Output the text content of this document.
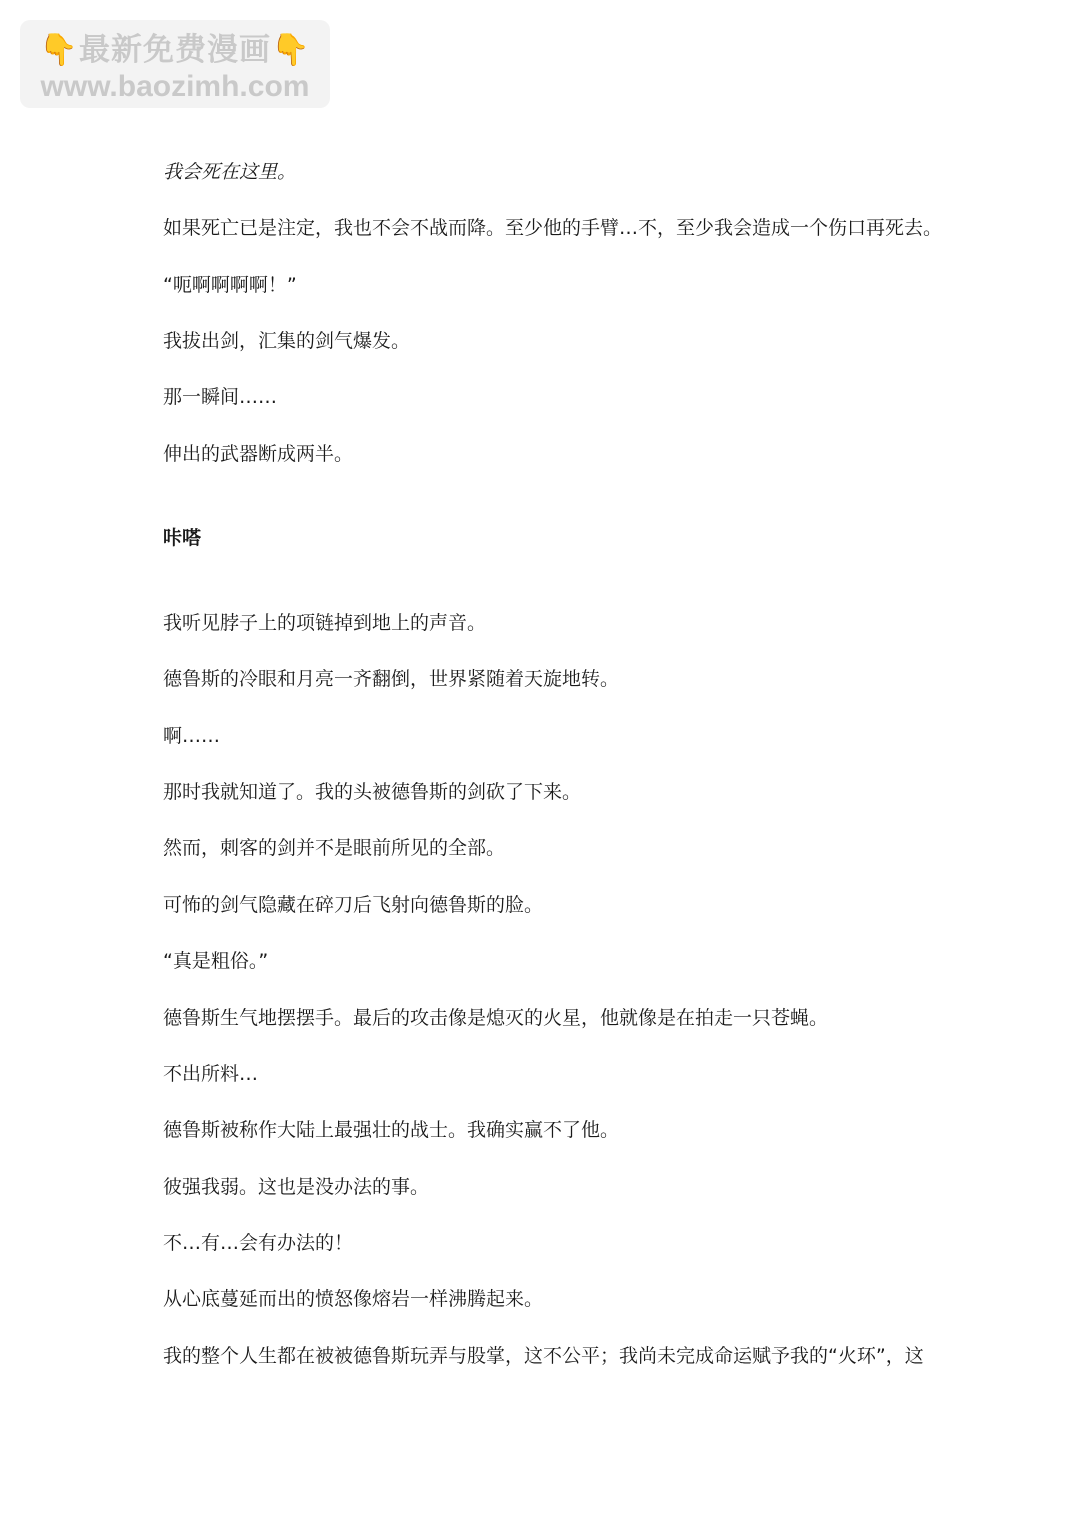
👇最新免费漫画👇
www.baozimh.com
我会死在这里。
如果死亡已是注定，我也不会不战而降。至少他的手臂…不，至少我会造成一个伤口再死去。
“呃啊啊啊啊！”
我拔出剑，汇集的剑气爆发。
那一瞬间……
伸出的武器断成两半。
咔嗒
我听见脖子上的项链掉到地上的声音。
德鲁斯的冷眼和月亮一齐翻倒，世界紧随着天旋地转。
啊……
那时我就知道了。我的头被德鲁斯的剑砍了下来。
然而，刺客的剑并不是眼前所见的全部。
可怖的剑气隐藏在碎刀后飞射向德鲁斯的脸。
“真是粗俗。”
德鲁斯生气地摆摆手。最后的攻击像是熄灭的火星，他就像是在拍走一只苍蝇。
不出所料…
德鲁斯被称作大陆上最强壮的战士。我确实赢不了他。
彼强我弱。这也是没办法的事。
不…有…会有办法的！
从心底蔓延而出的愤怒像熔岩一样沸腾起来。
我的整个人生都在被被德鲁斯玩弄与股掌，这不公平；我尚未完成命运赋予我的“火环”，这
